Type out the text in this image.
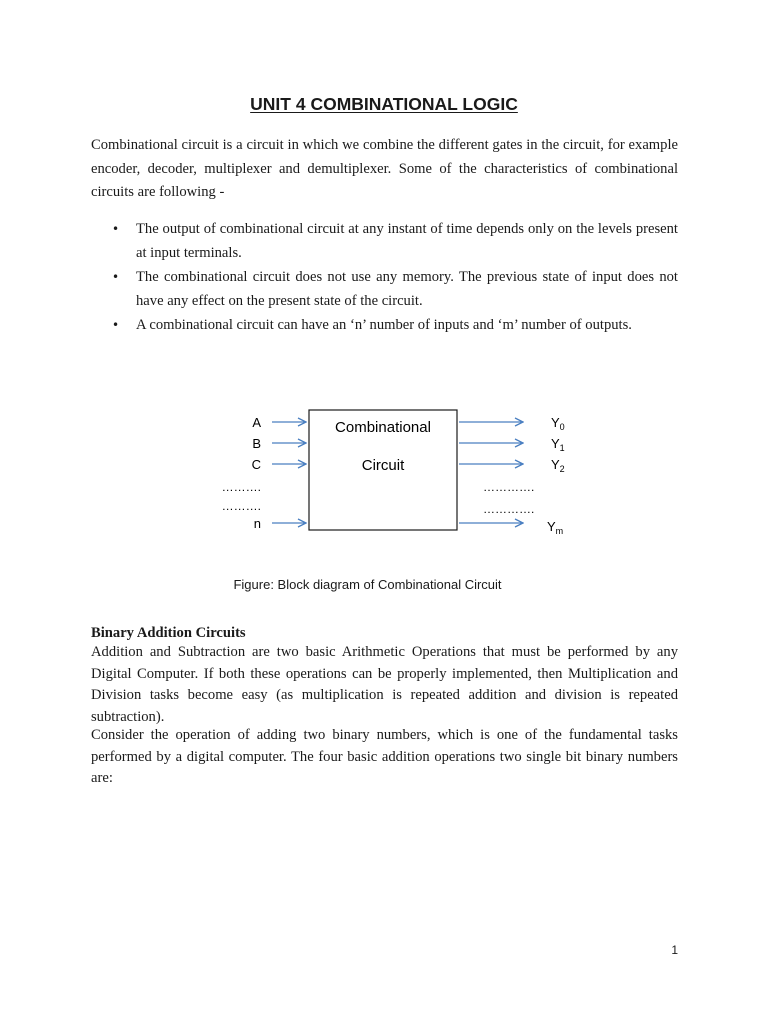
UNIT 4 COMBINATIONAL LOGIC

Combinational circuit is a circuit in which we combine the different gates in the circuit, for example encoder, decoder, multiplexer and demultiplexer. Some of the characteristics of combinational circuits are following -

• The output of combinational circuit at any instant of time depends only on the levels present at input terminals.
• The combinational circuit does not use any memory. The previous state of input does not have any effect on the present state of the circuit.
• A combinational circuit can have an ‘n’ number of inputs and ‘m’ number of outputs.
Combinational
Circuit
A
B
C
……….
……….
n
………….
………….
$Y_0$
$Y_1$
$Y_2$
$Y_m$
Figure: Block diagram of Combinational Circuit

Binary Addition Circuits

Addition and Subtraction are two basic Arithmetic Operations that must be performed by any Digital Computer. If both these operations can be properly implemented, then Multiplication and Division tasks become easy (as multiplication is repeated addition and division is repeated subtraction).

Consider the operation of adding two binary numbers, which is one of the fundamental tasks performed by a digital computer. The four basic addition operations two single bit binary numbers are:

1
